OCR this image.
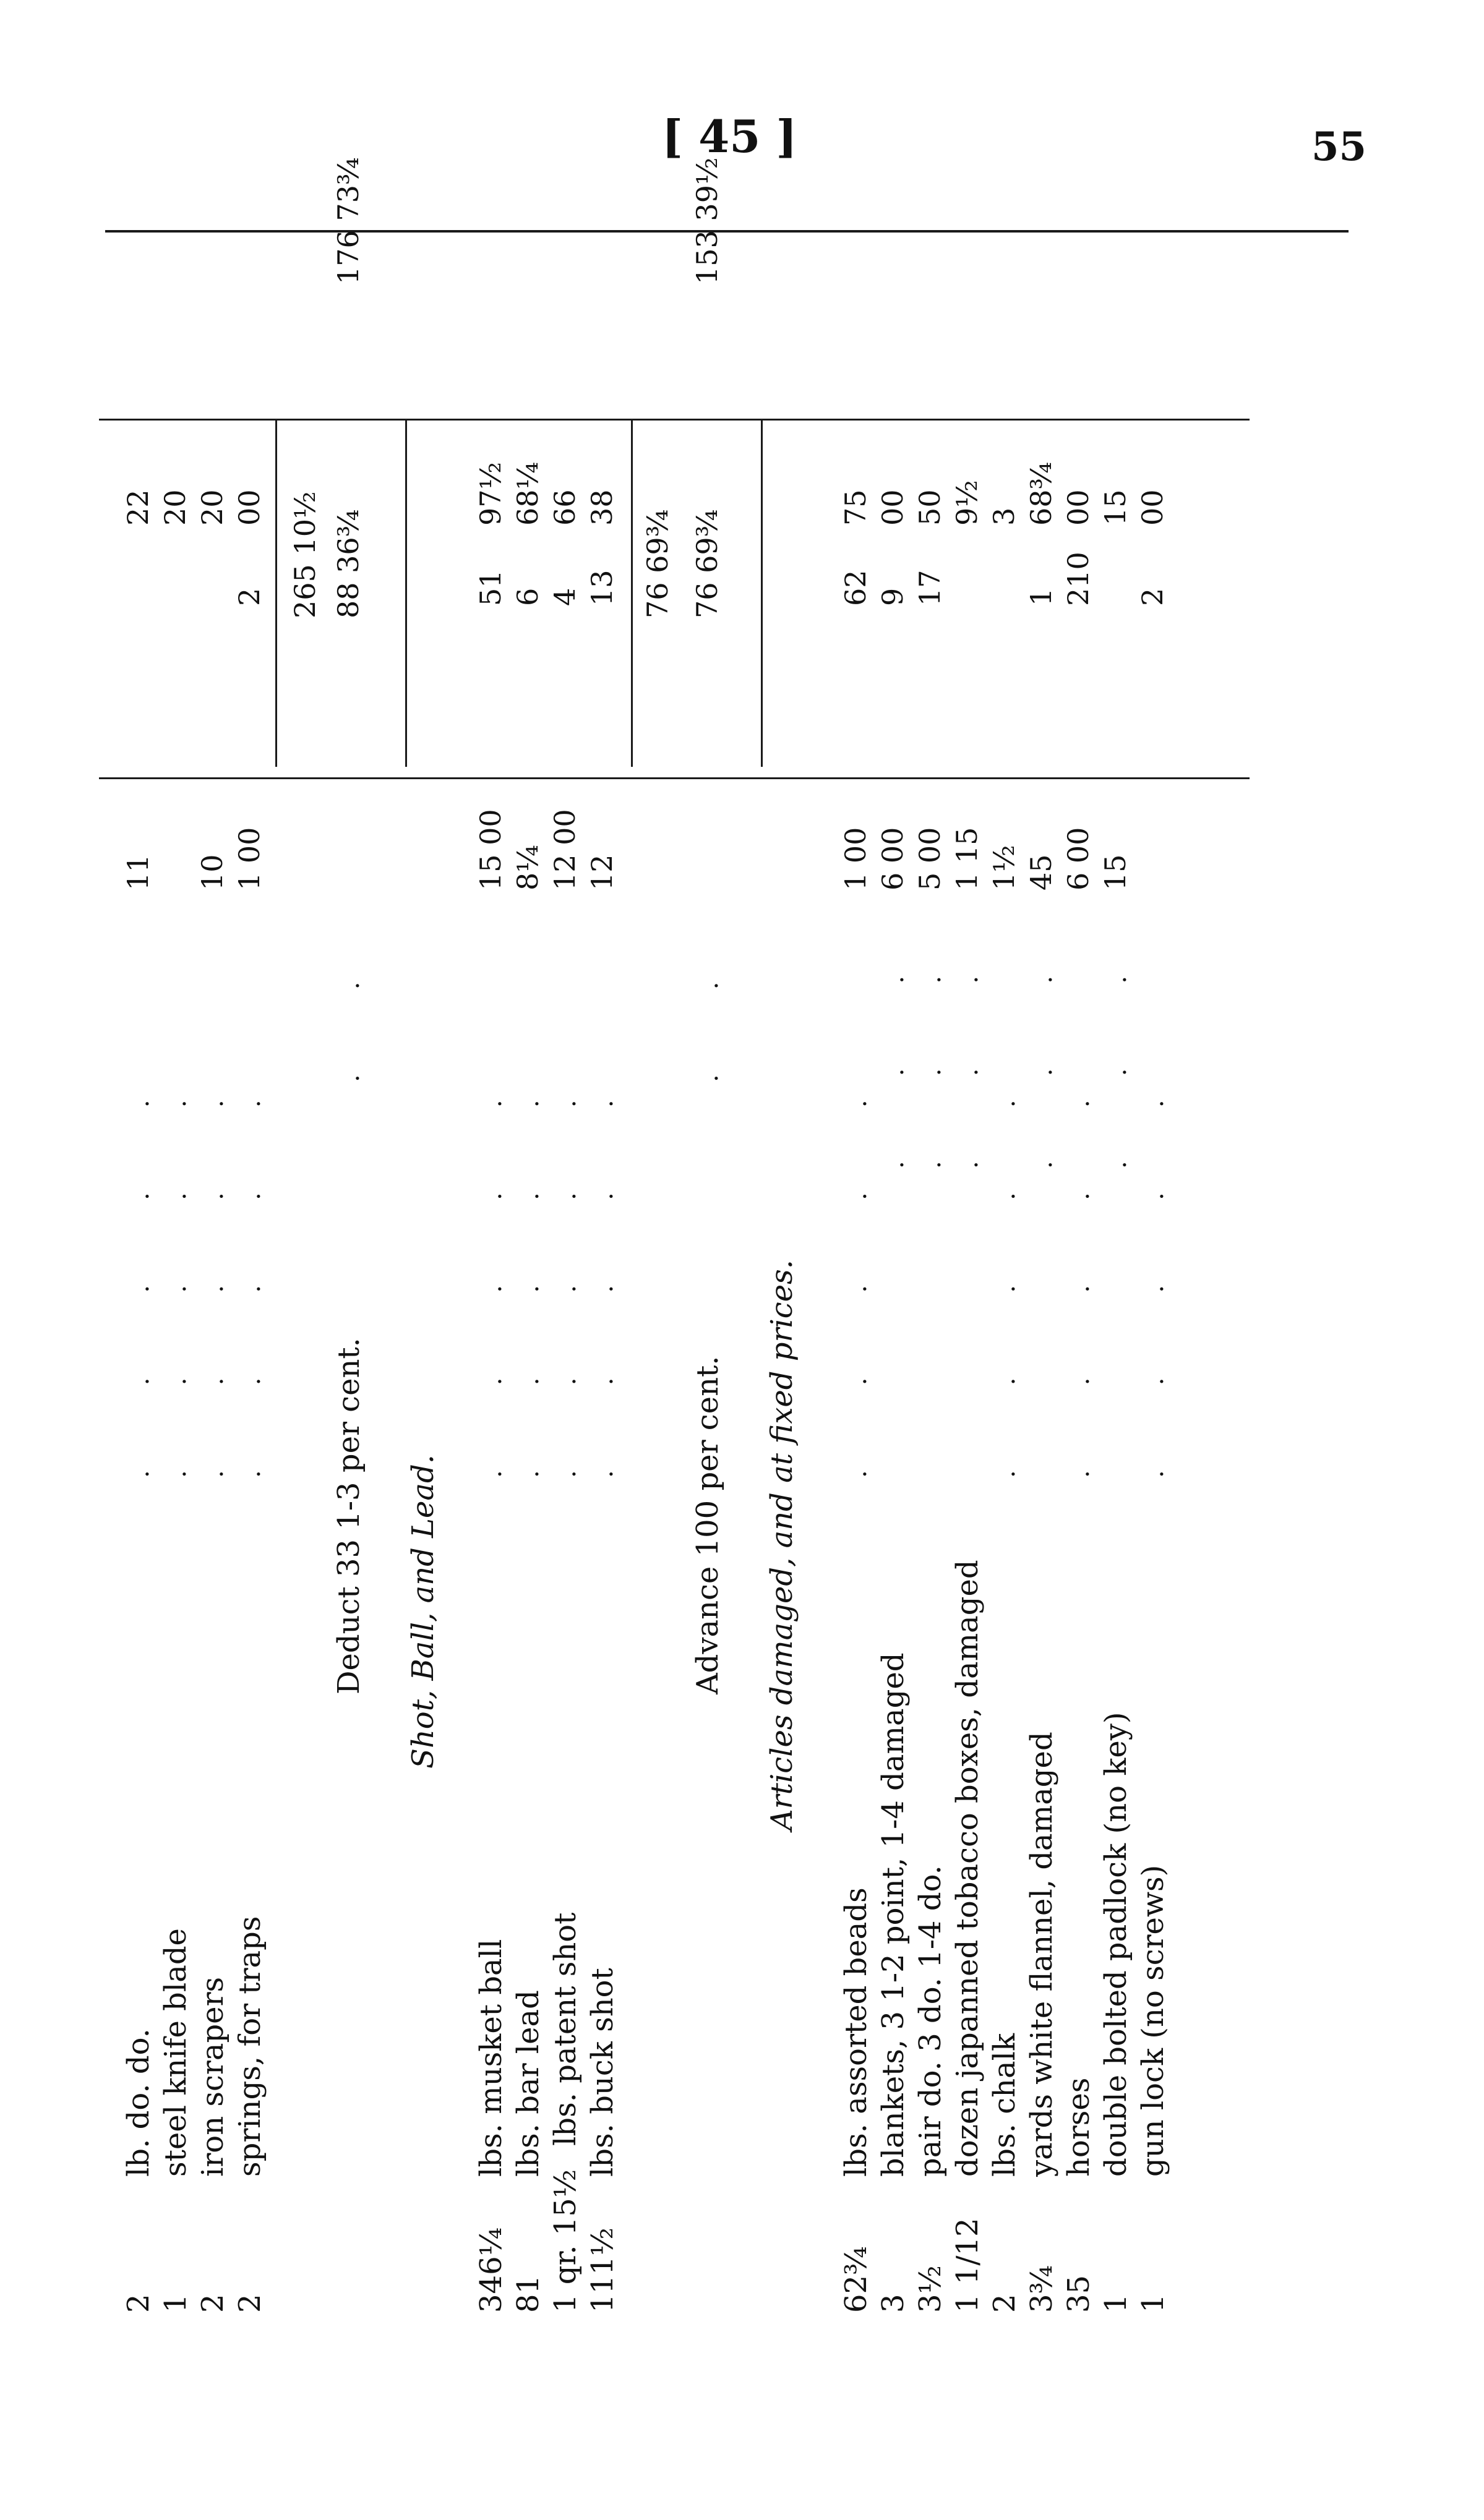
[ 45 ]	55
2
lb. do. do.
.       .       .       .       .
11
22
1
steel knife blade
.       .       .       .       .
20
2
iron scrapers
.       .       .       .       .
10
20
2
springs, for traps
.       .       .       .       .
1 00
2
00 265 10½
Deduct 33 1-3 per cent.
.       .
88 36¾
176 73¾
Shot, Ball, and Lead.
346¼
lbs. musket ball
.       .       .       .       .
15 00
51
97½
81
lbs. bar lead
.       .       .       .       .
8¼
6
68¼
1 qr. 15½
lbs. patent shot
.       .       .       .       .
12 00
4
66
111½
lbs. buck shot
.       .       .       .       .
12
13
38
76 69¾
Advance 100 per cent.
.       .
76 69¾
153 39½
Articles damaged, and at fixed prices.
62¾
lbs. assorted beads
.       .       .       .       .
1 00
62
75
3
blankets, 3 1-2 point, 1-4 damaged
.       .       .
6 00
9
00
3½
pair do. 3 do. 1-4 do.
.       .       .
5 00
17
50
1 1/12
dozen japanned tobacco boxes, damaged
.       .       .
1 15
9½
2
lbs. chalk
.       .       .       .       .
1½
3
3¾
yards white flannel, damaged
.       .       .
45
1
68¾
35
horses
.       .       .       .       .
6 00
210
00
1
double bolted padlock (no key)
.       .       .
15
15
1
gun lock (no screws)
.       .       .       .       .
2
00
